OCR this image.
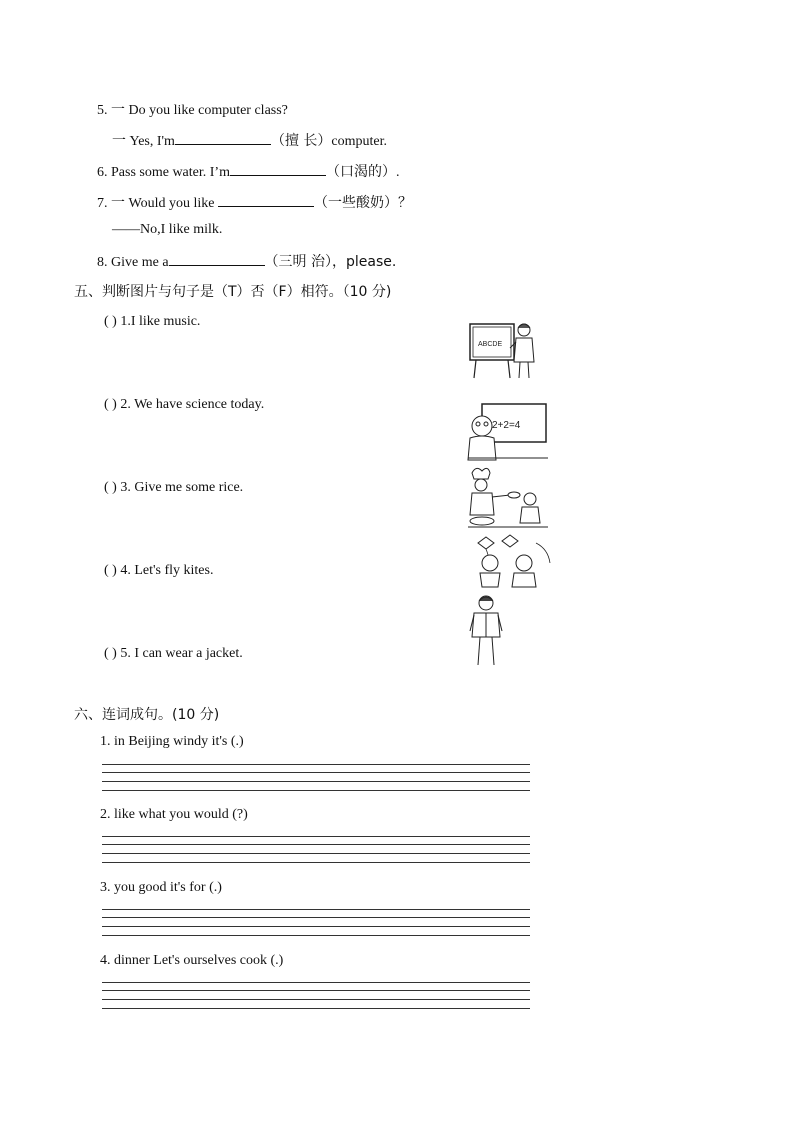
5. 一 Do you like computer class?
一 Yes, I'm	（擅 长）computer.
6. Pass some water. I’m	（口渴的）.
7. 一 Would you like	（一些酸奶）？
——No,I like milk.
8. Give me a	（三明 治），please.
五、判断图片与句子是（T）否（F）相符。（10 分)
( ) 1.I like music.
( ) 2. We have science today.
( ) 3. Give me some rice.
( ) 4. Let's fly kites.
( ) 5. I can wear a jacket.
ABCDE
2+2=4
六、连词成句。(10 分)
1. in Beijing windy it's (.)
2. like what you would (?)
3. you good it's for (.)
4. dinner Let's ourselves cook (.)
